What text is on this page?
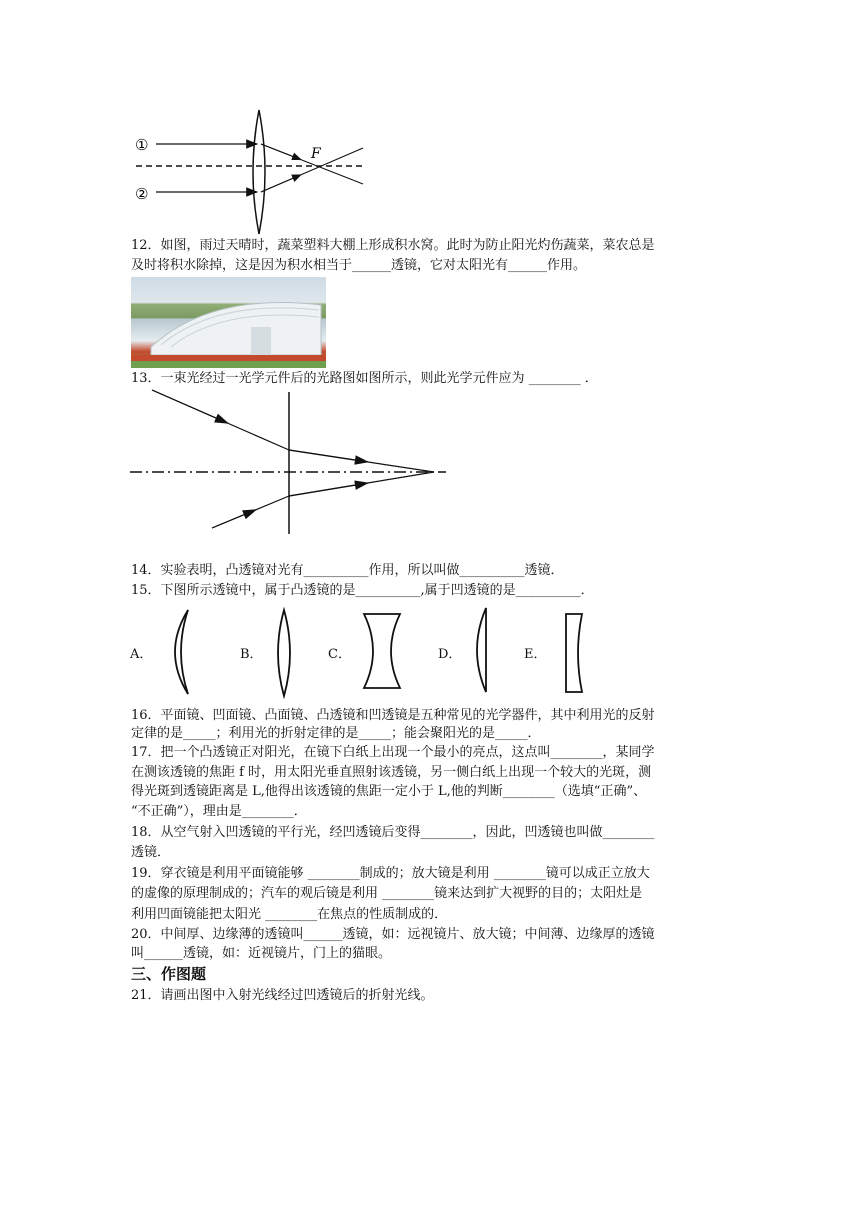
①
②
F
12．如图，雨过天晴时，蔬菜塑料大棚上形成积水窝。此时为防止阳光灼伤蔬菜，菜农总是
及时将积水除掉，这是因为积水相当于______透镜，它对太阳光有______作用。
13．一束光经过一光学元件后的光路图如图所示，则此光学元件应为 ________ ．
14．实验表明，凸透镜对光有__________作用，所以叫做__________透镜．
15．下图所示透镜中，属于凸透镜的是__________,属于凹透镜的是__________．
A．	B．	C．	D．	E．
16．平面镜、凹面镜、凸面镜、凸透镜和凹透镜是五种常见的光学器件，其中利用光的反射
定律的是_____；利用光的折射定律的是_____；能会聚阳光的是_____．
17．把一个凸透镜正对阳光，在镜下白纸上出现一个最小的亮点，这点叫________，某同学
在测该透镜的焦距 f 时，用太阳光垂直照射该透镜，另一侧白纸上出现一个较大的光斑，测
得光斑到透镜距离是 L,他得出该透镜的焦距一定小于 L,他的判断________（选填“正确”、
“不正确”），理由是________．
18．从空气射入凹透镜的平行光，经凹透镜后变得________，因此，凹透镜也叫做________
透镜．
19．穿衣镜是利用平面镜能够 ________制成的；放大镜是利用 ________镜可以成正立放大
的虚像的原理制成的；汽车的观后镜是利用 ________镜来达到扩大视野的目的；太阳灶是
利用凹面镜能把太阳光 ________在焦点的性质制成的．
20．中间厚、边缘薄的透镜叫______透镜，如：远视镜片、放大镜；中间薄、边缘厚的透镜
叫______透镜，如：近视镜片，门上的猫眼。
三、作图题
21．请画出图中入射光线经过凹透镜后的折射光线。
